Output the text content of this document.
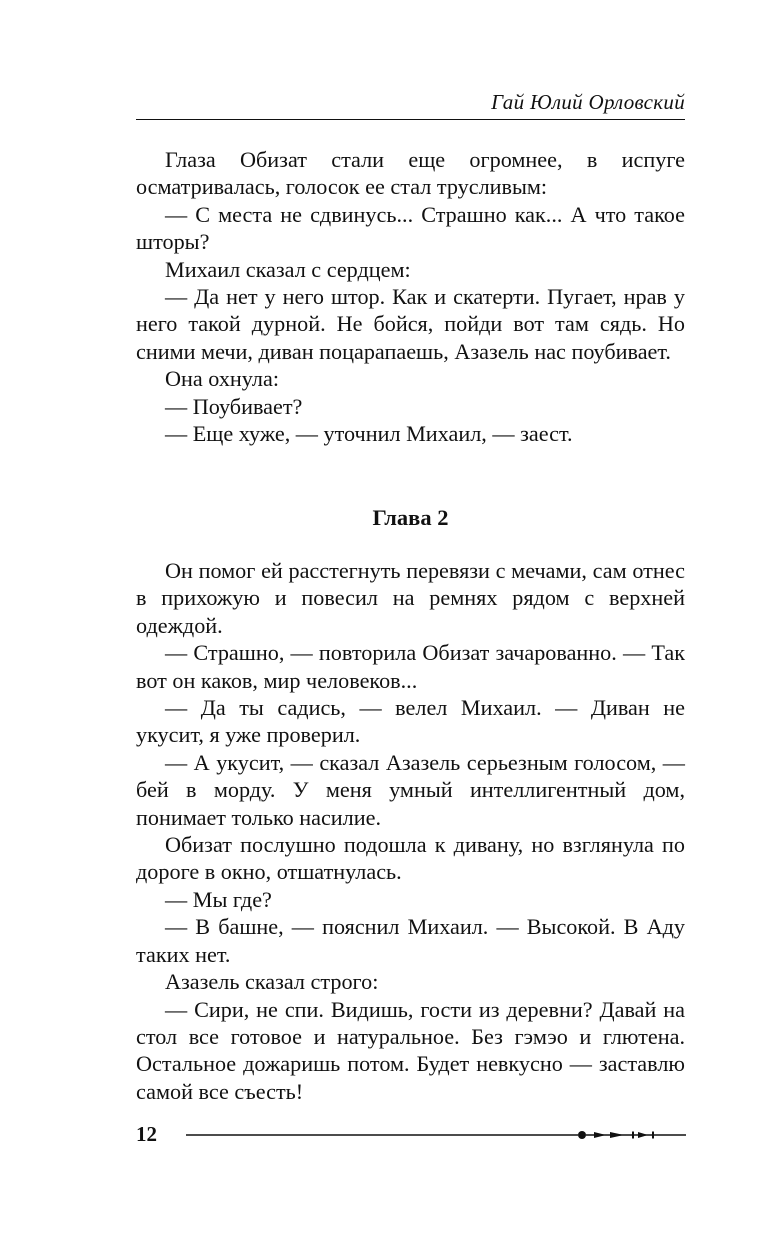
Гай Юлий Орловский

Глаза Обизат стали еще огромнее, в испуге осматривалась, голосок ее стал трусливым:

— С места не сдвинусь... Страшно как... А что такое шторы?

Михаил сказал с сердцем:

— Да нет у него штор. Как и скатерти. Пугает, нрав у него такой дурной. Не бойся, пойди вот там сядь. Но сними мечи, диван поцарапаешь, Азазель нас поубивает.

Она охнула:

— Поубивает?

— Еще хуже, — уточнил Михаил, — заест.

Глава 2

Он помог ей расстегнуть перевязи с мечами, сам отнес в прихожую и повесил на ремнях рядом с верхней одеждой.

— Страшно, — повторила Обизат зачарованно. — Так вот он каков, мир человеков...

— Да ты садись, — велел Михаил. — Диван не укусит, я уже проверил.

— А укусит, — сказал Азазель серьезным голосом, — бей в морду. У меня умный интеллигентный дом, понимает только насилие.

Обизат послушно подошла к дивану, но взглянула по дороге в окно, отшатнулась.

— Мы где?

— В башне, — пояснил Михаил. — Высокой. В Аду таких нет.

Азазель сказал строго:

— Сири, не спи. Видишь, гости из деревни? Давай на стол все готовое и натуральное. Без гэмэо и глютена. Остальное дожаришь потом. Будет невкусно — заставлю самой все съесть!

12
